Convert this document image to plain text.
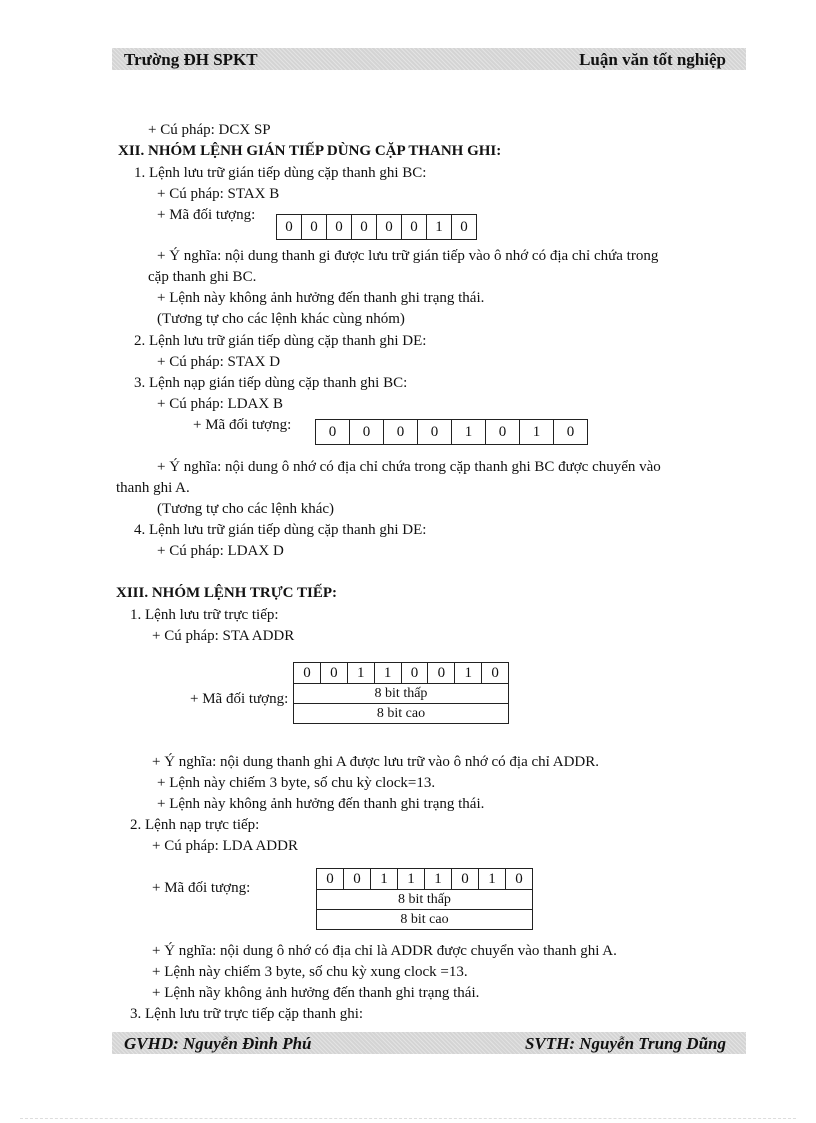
Trường ĐH SPKT	Luận văn tốt nghiệp
+ Cú pháp: DCX SP
XII. NHÓM LỆNH GIÁN TIẾP DÙNG CẶP THANH GHI:
1. Lệnh lưu trữ gián tiếp dùng cặp thanh ghi BC:
+ Cú pháp: STAX B
+ Mã đối tượng:
0	0	0	0	0	0	1	0
+ Ý nghĩa: nội dung thanh gi được lưu trữ gián tiếp vào ô nhớ có địa chỉ chứa trong
cặp thanh ghi BC.
+ Lệnh này không ảnh hưởng đến thanh ghi trạng thái.
(Tương tự cho các lệnh khác cùng nhóm)
2. Lệnh lưu trữ gián tiếp dùng cặp thanh ghi DE:
+ Cú pháp: STAX D
3. Lệnh nạp gián tiếp dùng cặp thanh ghi BC:
+ Cú pháp: LDAX B
+ Mã đối tượng:	0	0	0	0	1	0	1	0
+ Ý nghĩa: nội dung ô nhớ có địa chỉ chứa trong cặp thanh ghi BC được chuyển vào
thanh ghi A.
(Tương tự cho các lệnh khác)
4. Lệnh lưu trữ gián tiếp dùng cặp thanh ghi DE:
+ Cú pháp: LDAX D
XIII. NHÓM LỆNH TRỰC TIẾP:
1. Lệnh lưu trữ trực tiếp:
+ Cú pháp: STA ADDR
+ Mã đối tượng:
0	0	1	1	0	0	1	0
8 bit thấp
8 bit cao
+ Ý nghĩa: nội dung thanh ghi A được lưu trữ vào ô nhớ có địa chỉ ADDR.
+ Lệnh này chiếm 3 byte, số chu kỳ clock=13.
+ Lệnh này không ảnh hưởng đến thanh ghi trạng thái.
2. Lệnh nạp trực tiếp:
+ Cú pháp: LDA ADDR
+ Mã đối tượng:
0	0	1	1	1	0	1	0
8 bit thấp
8 bit cao
+ Ý nghĩa: nội dung ô nhớ có địa chỉ là ADDR được chuyển vào thanh ghi A.
+ Lệnh này chiếm 3 byte, số chu kỳ xung clock =13.
+ Lệnh nầy không ảnh hưởng đến thanh ghi trạng thái.
3. Lệnh lưu trữ trực tiếp cặp thanh ghi:
GVHD: Nguyễn Đình Phú	SVTH: Nguyễn Trung Dũng
